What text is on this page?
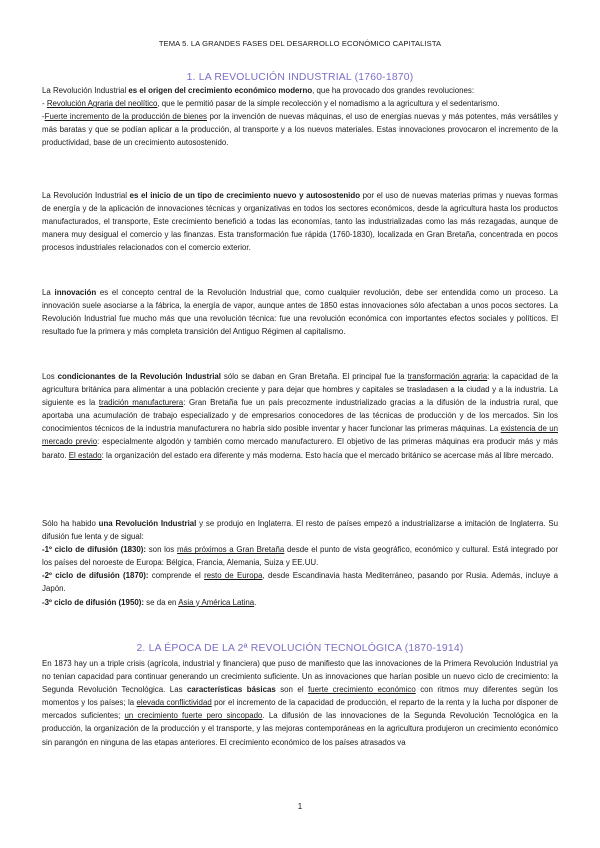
TEMA 5. LA GRANDES FASES DEL DESARROLLO ECONÓMICO CAPITALISTA
1. LA REVOLUCIÓN INDUSTRIAL (1760-1870)

La Revolución Industrial es el origen del crecimiento económico moderno, que ha provocado dos grandes revoluciones:

- Revolución Agraria del neolítico, que le permitió pasar de la simple recolección y el nomadismo a la agricultura y el sedentarismo.

-Fuerte incremento de la producción de bienes por la invención de nuevas máquinas, el uso de energías nuevas y más potentes, más versátiles y más baratas y que se podían aplicar a la producción, al transporte y a los nuevos materiales. Estas innovaciones provocaron el incremento de la productividad, base de un crecimiento autosostenido.

La Revolución Industrial es el inicio de un tipo de crecimiento nuevo y autosostenido por el uso de nuevas materias primas y nuevas formas de energía y de la aplicación de innovaciones técnicas y organizativas en todos los sectores económicos, desde la agricultura hasta los productos manufacturados, el transporte, Este crecimiento benefició a todas las economías, tanto las industrializadas como las más rezagadas, aunque de manera muy desigual el comercio y las finanzas. Esta transformación fue rápida (1760-1830), localizada en Gran Bretaña, concentrada en pocos procesos industriales relacionados con el comercio exterior.

La innovación es el concepto central de la Revolución Industrial que, como cualquier revolución, debe ser entendida como un proceso. La innovación suele asociarse a la fábrica, la energía de vapor, aunque antes de 1850 estas innovaciones sólo afectaban a unos pocos sectores. La Revolución Industrial fue mucho más que una revolución técnica: fue una revolución económica con importantes efectos sociales y políticos. El resultado fue la primera y más completa transición del Antiguo Régimen al capitalismo.

Los condicionantes de la Revolución Industrial sólo se daban en Gran Bretaña. El principal fue la transformación agraria: la capacidad de la agricultura británica para alimentar a una población creciente y para dejar que hombres y capitales se trasladasen a la ciudad y a la industria. La siguiente es la tradición manufacturera: Gran Bretaña fue un país precozmente industrializado gracias a la difusión de la industria rural, que aportaba una acumulación de trabajo especializado y de empresarios conocedores de las técnicas de producción y de los mercados. Sin los conocimientos técnicos de la industria manufacturera no habría sido posible inventar y hacer funcionar las primeras máquinas. La existencia de un mercado previo: especialmente algodón y también como mercado manufacturero. El objetivo de las primeras máquinas era producir más y más barato. El estado: la organización del estado era diferente y más moderna. Esto hacía que el mercado británico se acercase más al libre mercado.

Sólo ha habido una Revolución Industrial y se produjo en Inglaterra. El resto de países empezó a industrializarse a imitación de Inglaterra. Su difusión fue lenta y de sigual:

-1º ciclo de difusión (1830): son los más próximos a Gran Bretaña desde el punto de vista geográfico, económico y cultural. Está integrado por los países del noroeste de Europa: Bélgica, Francia, Alemania, Suiza y EE.UU.

-2º ciclo de difusión (1870): comprende el resto de Europa, desde Escandinavia hasta Mediterráneo, pasando por Rusia. Además, incluye a Japón.

-3º ciclo de difusión (1950): se da en Asia y América Latina.

2. LA ÉPOCA DE LA 2ª REVOLUCIÓN TECNOLÓGICA (1870-1914)

En 1873 hay un a triple crisis (agrícola, industrial y financiera) que puso de manifiesto que las innovaciones de la Primera Revolución Industrial ya no tenían capacidad para continuar generando un crecimiento suficiente. Un as innovaciones que harían posible un nuevo ciclo de crecimiento: la Segunda Revolución Tecnológica. Las características básicas son el fuerte crecimiento económico con ritmos muy diferentes según los momentos y los países; la elevada conflictividad por el incremento de la capacidad de producción, el reparto de la renta y la lucha por disponer de mercados suficientes; un crecimiento fuerte pero sincopado. La difusión de las innovaciones de la Segunda Revolución Tecnológica en la producción, la organización de la producción y el transporte, y las mejoras contemporáneas en la agricultura produjeron un crecimiento económico sin parangón en ninguna de las etapas anteriores. El crecimiento económico de los países atrasados va

1
